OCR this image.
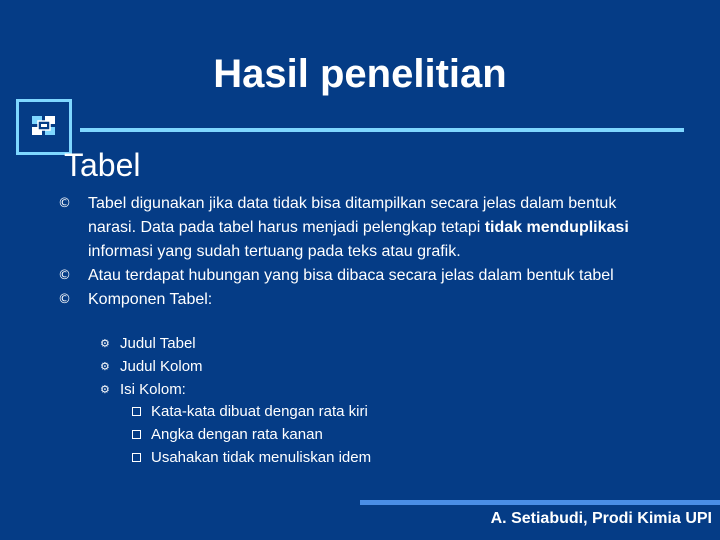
Hasil penelitian
Tabel
© Tabel digunakan jika data tidak bisa ditampilkan secara jelas dalam bentuk narasi. Data pada tabel harus menjadi pelengkap tetapi tidak menduplikasi informasi yang sudah tertuang pada teks atau grafik.
© Atau terdapat hubungan yang bisa dibaca secara jelas dalam bentuk tabel
© Komponen Tabel:
⚙ Judul Tabel
⚙ Judul Kolom
⚙ Isi Kolom:
Kata-kata dibuat dengan rata kiri
Angka dengan rata kanan
Usahakan tidak menuliskan idem
A. Setiabudi, Prodi Kimia UPI
